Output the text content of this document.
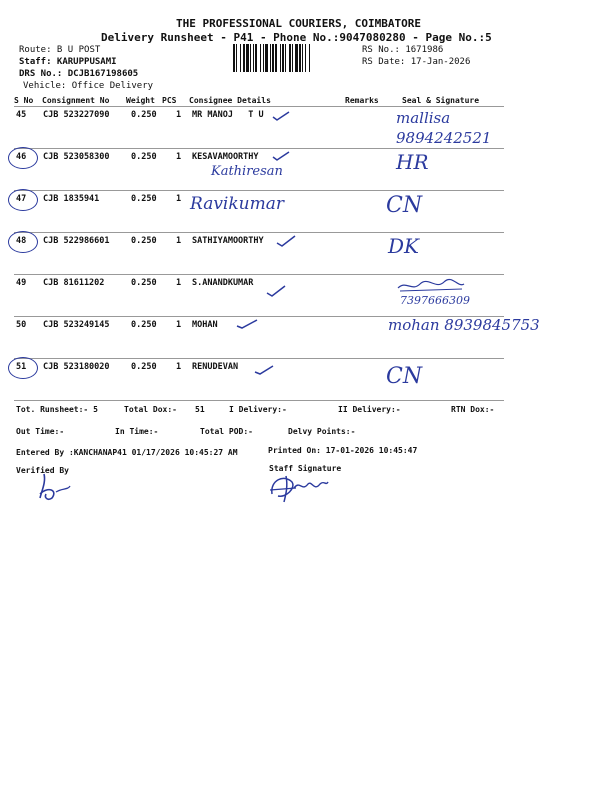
THE PROFESSIONAL COURIERS, COIMBATORE
Delivery Runsheet - P41 - Phone No.:9047080280 - Page No.:5
Route: B U POST
Staff: KARUPPUSAMI
DRS No.: DCJB167198605
Vehicle: Office Delivery
RS No.: 1671986
RS Date: 17-Jan-2026
S No Consignment No Weight PCS Consignee Details	Remarks	Seal & Signature
45 CJB 523227090	0.250 1 MR MANOJ   T U	mallisa 9894242521
46 CJB 523058300	0.250 1 KESAVAMOORTHY
Kathiresan	HR
47 CJB 1835941	0.250 1 Ravikumar	CN
48 CJB 522986601	0.250 1 SATHIYAMOORTHY	DK
49 CJB 81611202	0.250 1 S.ANANDKUMAR
7397666309
50 CJB 523249145	0.250 1 MOHAN	mohan 8939845753
51 CJB 523180020	0.250 1 RENUDEVAN	CN
Tot. Runsheet:- 5	Total Dox:- 51	I Delivery:-	II Delivery:-	RTN Dox:-
Out Time:-	In Time:-	Total POD:-	Delvy Points:-
Entered By :KANCHANAP41 01/17/2026 10:45:27 AM	Printed On: 17-01-2026 10:45:47
Verified By	Staff Signature
